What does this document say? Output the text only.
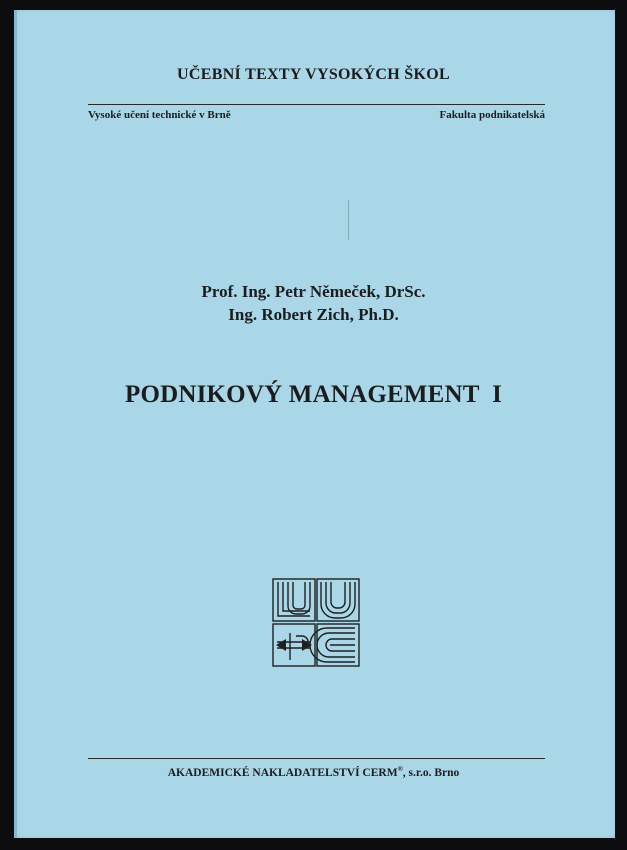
UČEBNÍ TEXTY VYSOKÝCH ŠKOL
Vysoké učení technické v Brně	Fakulta podnikatelská
Prof. Ing. Petr Němeček, DrSc.
Ing. Robert Zich, Ph.D.
PODNIKOVÝ MANAGEMENT  I
AKADEMICKÉ NAKLADATELSTVÍ CERM®, s.r.o. Brno
